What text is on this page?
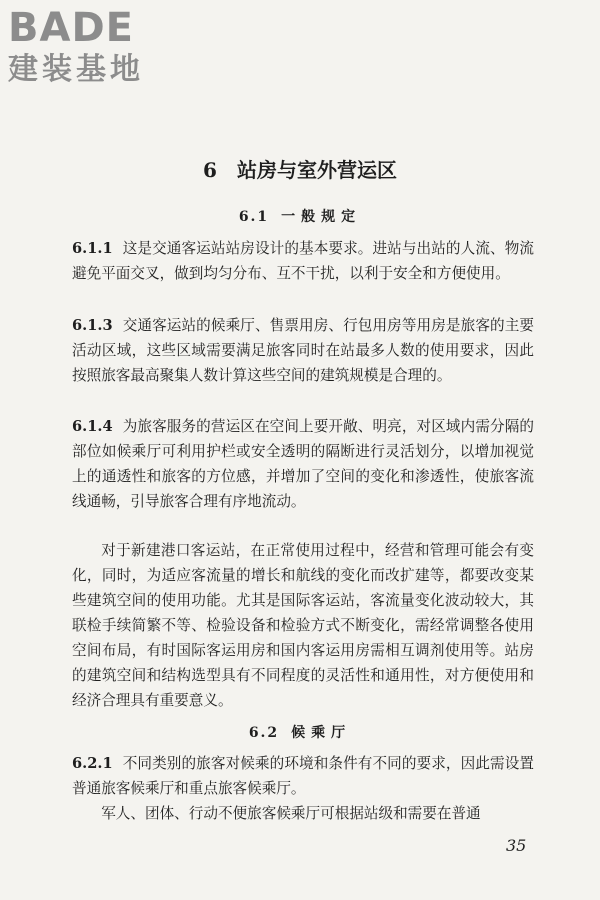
BADE
建装基地
6 站房与室外营运区
6.1 一般规定

6.1.1 这是交通客运站站房设计的基本要求。进站与出站的人流、物流避免平面交叉，做到均匀分布、互不干扰，以利于安全和方便使用。

6.1.3 交通客运站的候乘厅、售票用房、行包用房等用房是旅客的主要活动区域，这些区域需要满足旅客同时在站最多人数的使用要求，因此按照旅客最高聚集人数计算这些空间的建筑规模是合理的。

6.1.4 为旅客服务的营运区在空间上要开敞、明亮，对区域内需分隔的部位如候乘厅可利用护栏或安全透明的隔断进行灵活划分，以增加视觉上的通透性和旅客的方位感，并增加了空间的变化和渗透性，使旅客流线通畅，引导旅客合理有序地流动。

对于新建港口客运站，在正常使用过程中，经营和管理可能会有变化，同时，为适应客流量的增长和航线的变化而改扩建等，都要改变某些建筑空间的使用功能。尤其是国际客运站，客流量变化波动较大，其联检手续简繁不等、检验设备和检验方式不断变化，需经常调整各使用空间布局，有时国际客运用房和国内客运用房需相互调剂使用等。站房的建筑空间和结构选型具有不同程度的灵活性和通用性，对方便使用和经济合理具有重要意义。

6.2 候乘厅

6.2.1 不同类别的旅客对候乘的环境和条件有不同的要求，因此需设置普通旅客候乘厅和重点旅客候乘厅。

军人、团体、行动不便旅客候乘厅可根据站级和需要在普通

35
